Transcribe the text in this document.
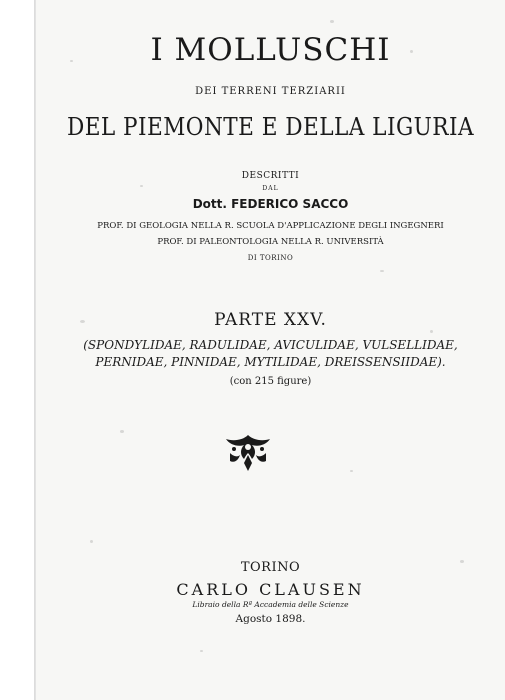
I MOLLUSCHI
DEI TERRENI TERZIARII
DEL PIEMONTE E DELLA LIGURIA
DESCRITTI
DAL
Dott. FEDERICO SACCO
PROF. DI GEOLOGIA NELLA R. SCUOLA D'APPLICAZIONE DEGLI INGEGNERI
PROF. DI PALEONTOLOGIA NELLA R. UNIVERSITÀ
DI TORINO
PARTE XXV.
(SPONDYLIDAE, RADULIDAE, AVICULIDAE, VULSELLIDAE,
PERNIDAE, PINNIDAE, MYTILIDAE, DREISSENSIIDAE).
(con 215 figure)
TORINO
CARLO CLAUSEN
Libraio della Rª Accademia delle Scienze
Agosto 1898.
